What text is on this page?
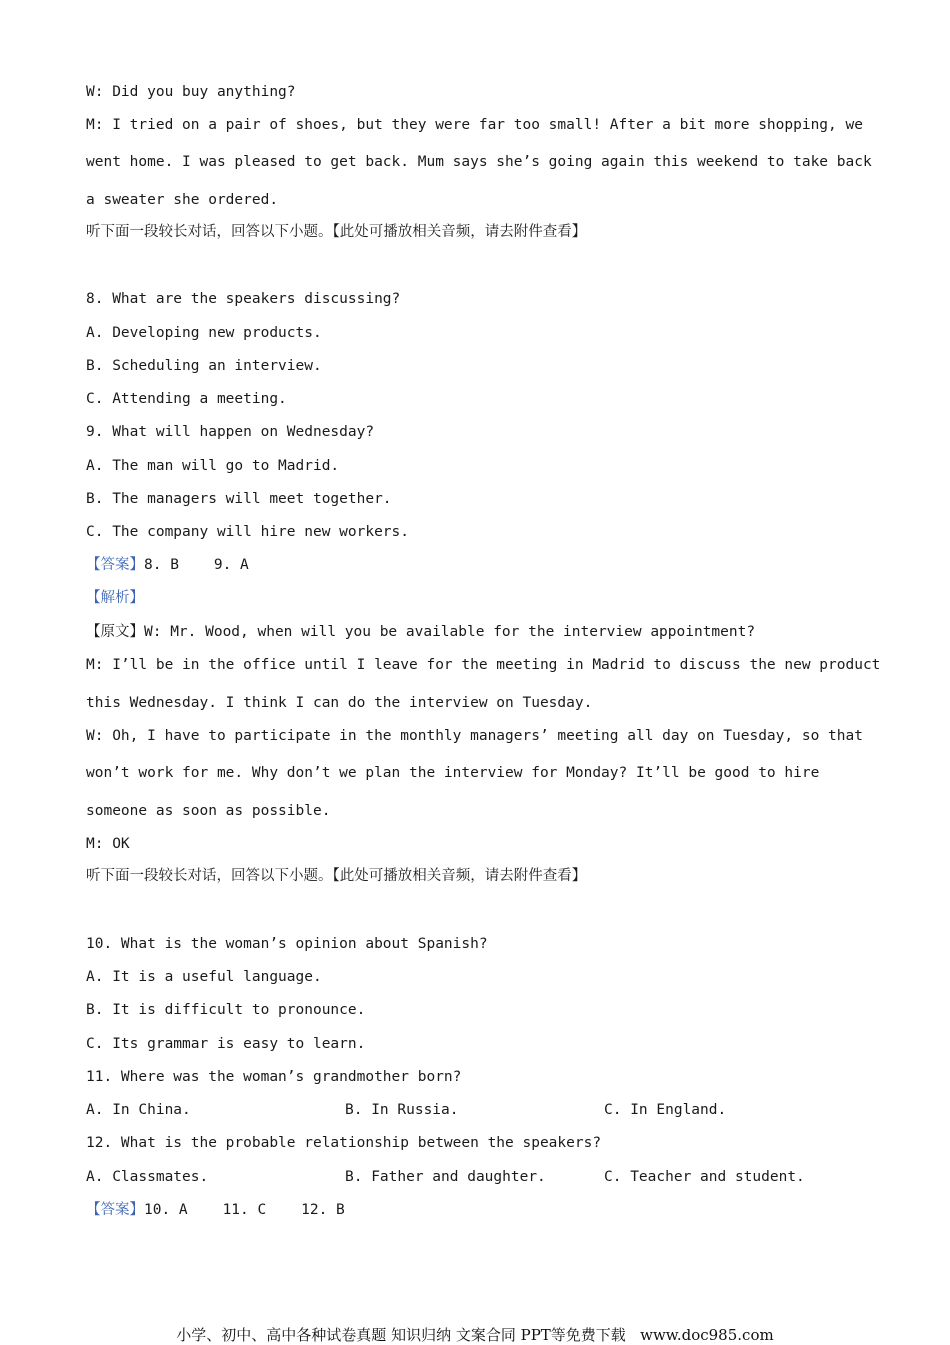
W: Did you buy anything?
M: I tried on a pair of shoes, but they were far too small! After a bit more shopping, we
went home. I was pleased to get back. Mum says she’s going again this weekend to take back
a sweater she ordered.
听下面一段较长对话，回答以下小题。【此处可播放相关音频，请去附件查看】
8. What are the speakers discussing?
A. Developing new products.
B. Scheduling an interview.
C. Attending a meeting.
9. What will happen on Wednesday?
A. The man will go to Madrid.
B. The managers will meet together.
C. The company will hire new workers.
【答案】8. B    9. A
【解析】
【原文】W: Mr. Wood, when will you be available for the interview appointment?
M: I’ll be in the office until I leave for the meeting in Madrid to discuss the new product
this Wednesday. I think I can do the interview on Tuesday.
W: Oh, I have to participate in the monthly managers’ meeting all day on Tuesday, so that
won’t work for me. Why don’t we plan the interview for Monday? It’ll be good to hire
someone as soon as possible.
M: OK
听下面一段较长对话，回答以下小题。【此处可播放相关音频，请去附件查看】
10. What is the woman’s opinion about Spanish?
A. It is a useful language.
B. It is difficult to pronounce.
C. Its grammar is easy to learn.
11. Where was the woman’s grandmother born?
A. In China.	B. In Russia.	C. In England.
12. What is the probable relationship between the speakers?
A. Classmates.	B. Father and daughter.	C. Teacher and student.
【答案】10. A    11. C    12. B
小学、初中、高中各种试卷真题 知识归纳 文案合同 PPT等免费下载   www.doc985.com
